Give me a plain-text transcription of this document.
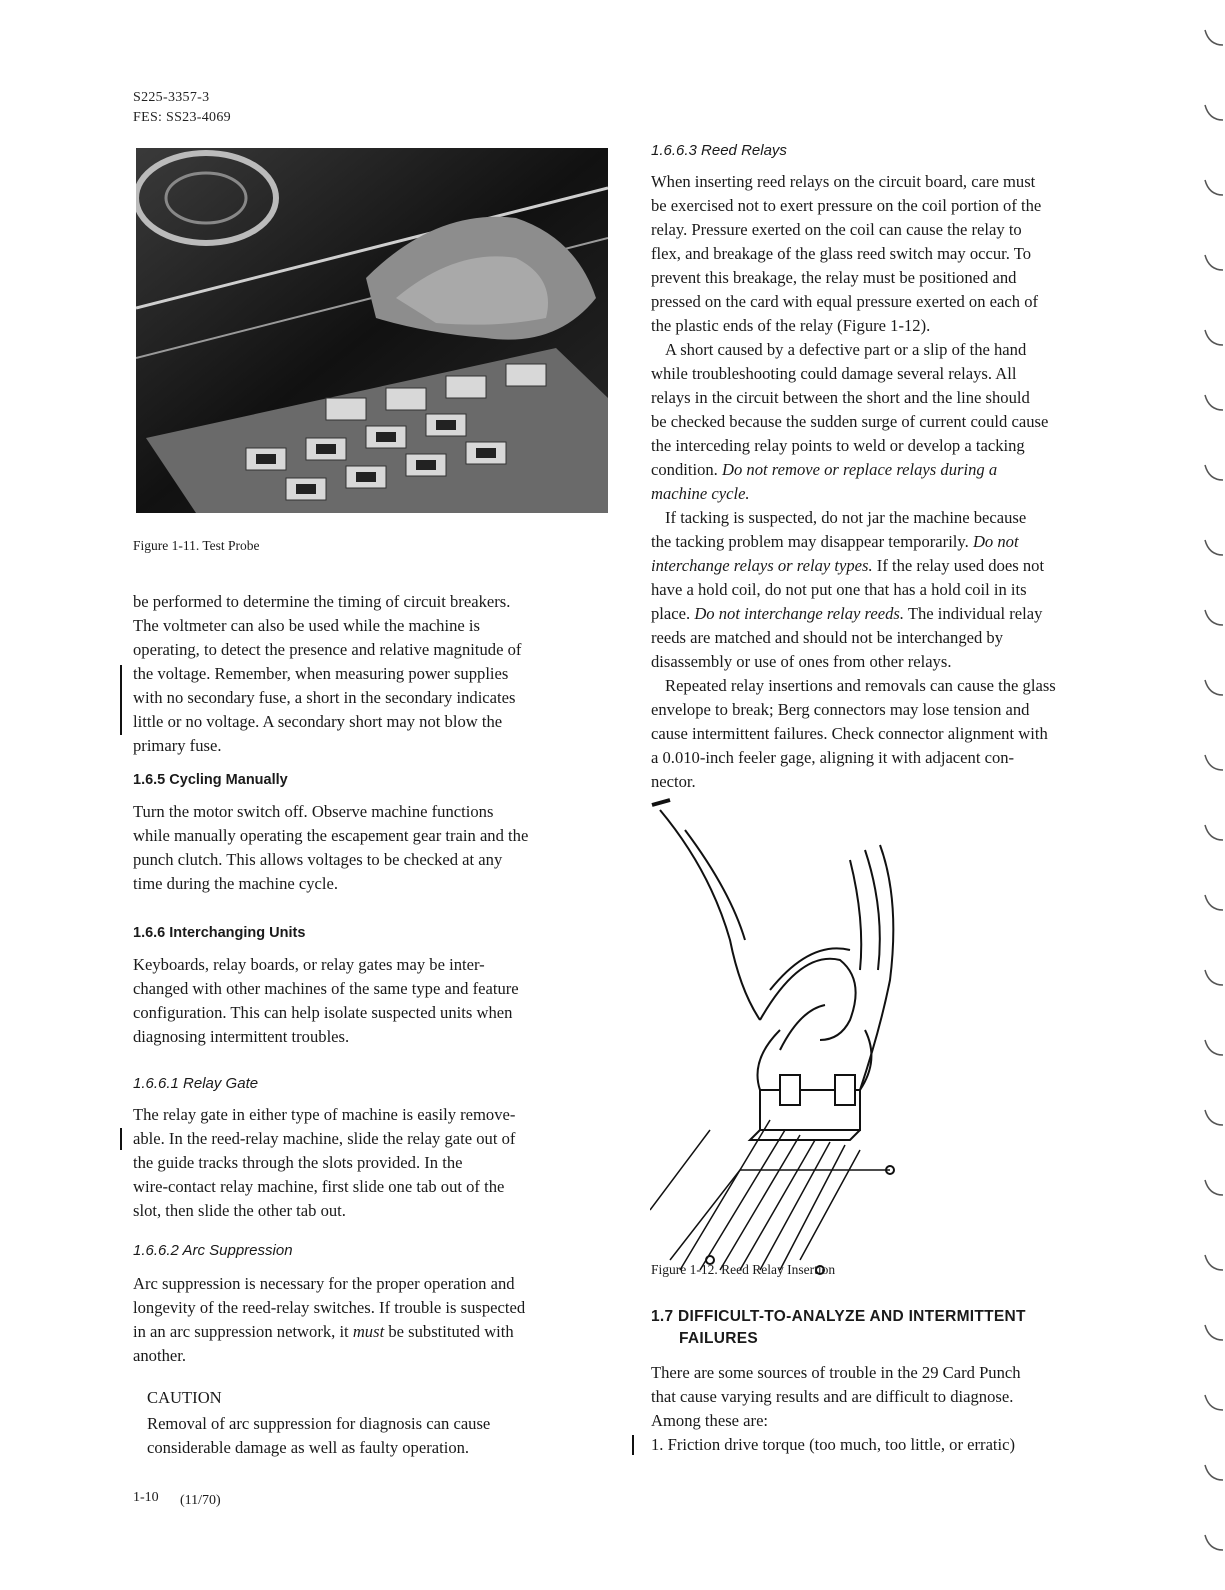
S225-3357-3
FES: SS23-4069
Figure 1-11. Test Probe
be performed to determine the timing of circuit breakers.
The voltmeter can also be used while the machine is
operating, to detect the presence and relative magnitude of
the voltage. Remember, when measuring power supplies
with no secondary fuse, a short in the secondary indicates
little or no voltage. A secondary short may not blow the
primary fuse.
1.6.5 Cycling Manually
Turn the motor switch off. Observe machine functions
while manually operating the escapement gear train and the
punch clutch. This allows voltages to be checked at any
time during the machine cycle.
1.6.6 Interchanging Units
Keyboards, relay boards, or relay gates may be inter-
changed with other machines of the same type and feature
configuration. This can help isolate suspected units when
diagnosing intermittent troubles.
1.6.6.1 Relay Gate
The relay gate in either type of machine is easily remove-
able. In the reed-relay machine, slide the relay gate out of
the guide tracks through the slots provided. In the
wire-contact relay machine, first slide one tab out of the
slot, then slide the other tab out.
1.6.6.2 Arc Suppression
Arc suppression is necessary for the proper operation and
longevity of the reed-relay switches. If trouble is suspected
in an arc suppression network, it must be substituted with
another.
CAUTION
Removal of arc suppression for diagnosis can cause
considerable damage as well as faulty operation.
1.6.6.3 Reed Relays
When inserting reed relays on the circuit board, care must
be exercised not to exert pressure on the coil portion of the
relay. Pressure exerted on the coil can cause the relay to
flex, and breakage of the glass reed switch may occur. To
prevent this breakage, the relay must be positioned and
pressed on the card with equal pressure exerted on each of
the plastic ends of the relay (Figure 1-12).
A short caused by a defective part or a slip of the hand
while troubleshooting could damage several relays. All
relays in the circuit between the short and the line should
be checked because the sudden surge of current could cause
the interceding relay points to weld or develop a tacking
condition. Do not remove or replace relays during a
machine cycle.
If tacking is suspected, do not jar the machine because
the tacking problem may disappear temporarily. Do not
interchange relays or relay types. If the relay used does not
have a hold coil, do not put one that has a hold coil in its
place. Do not interchange relay reeds. The individual relay
reeds are matched and should not be interchanged by
disassembly or use of ones from other relays.
Repeated relay insertions and removals can cause the glass
envelope to break; Berg connectors may lose tension and
cause intermittent failures. Check connector alignment with
a 0.010-inch feeler gage, aligning it with adjacent con-
nector.
Figure 1-12. Reed Relay Insertion
1.7 DIFFICULT-TO-ANALYZE AND INTERMITTENT
FAILURES
There are some sources of trouble in the 29 Card Punch
that cause varying results and are difficult to diagnose.
Among these are:
1. Friction drive torque (too much, too little, or erratic)
1-10 (11/70)
